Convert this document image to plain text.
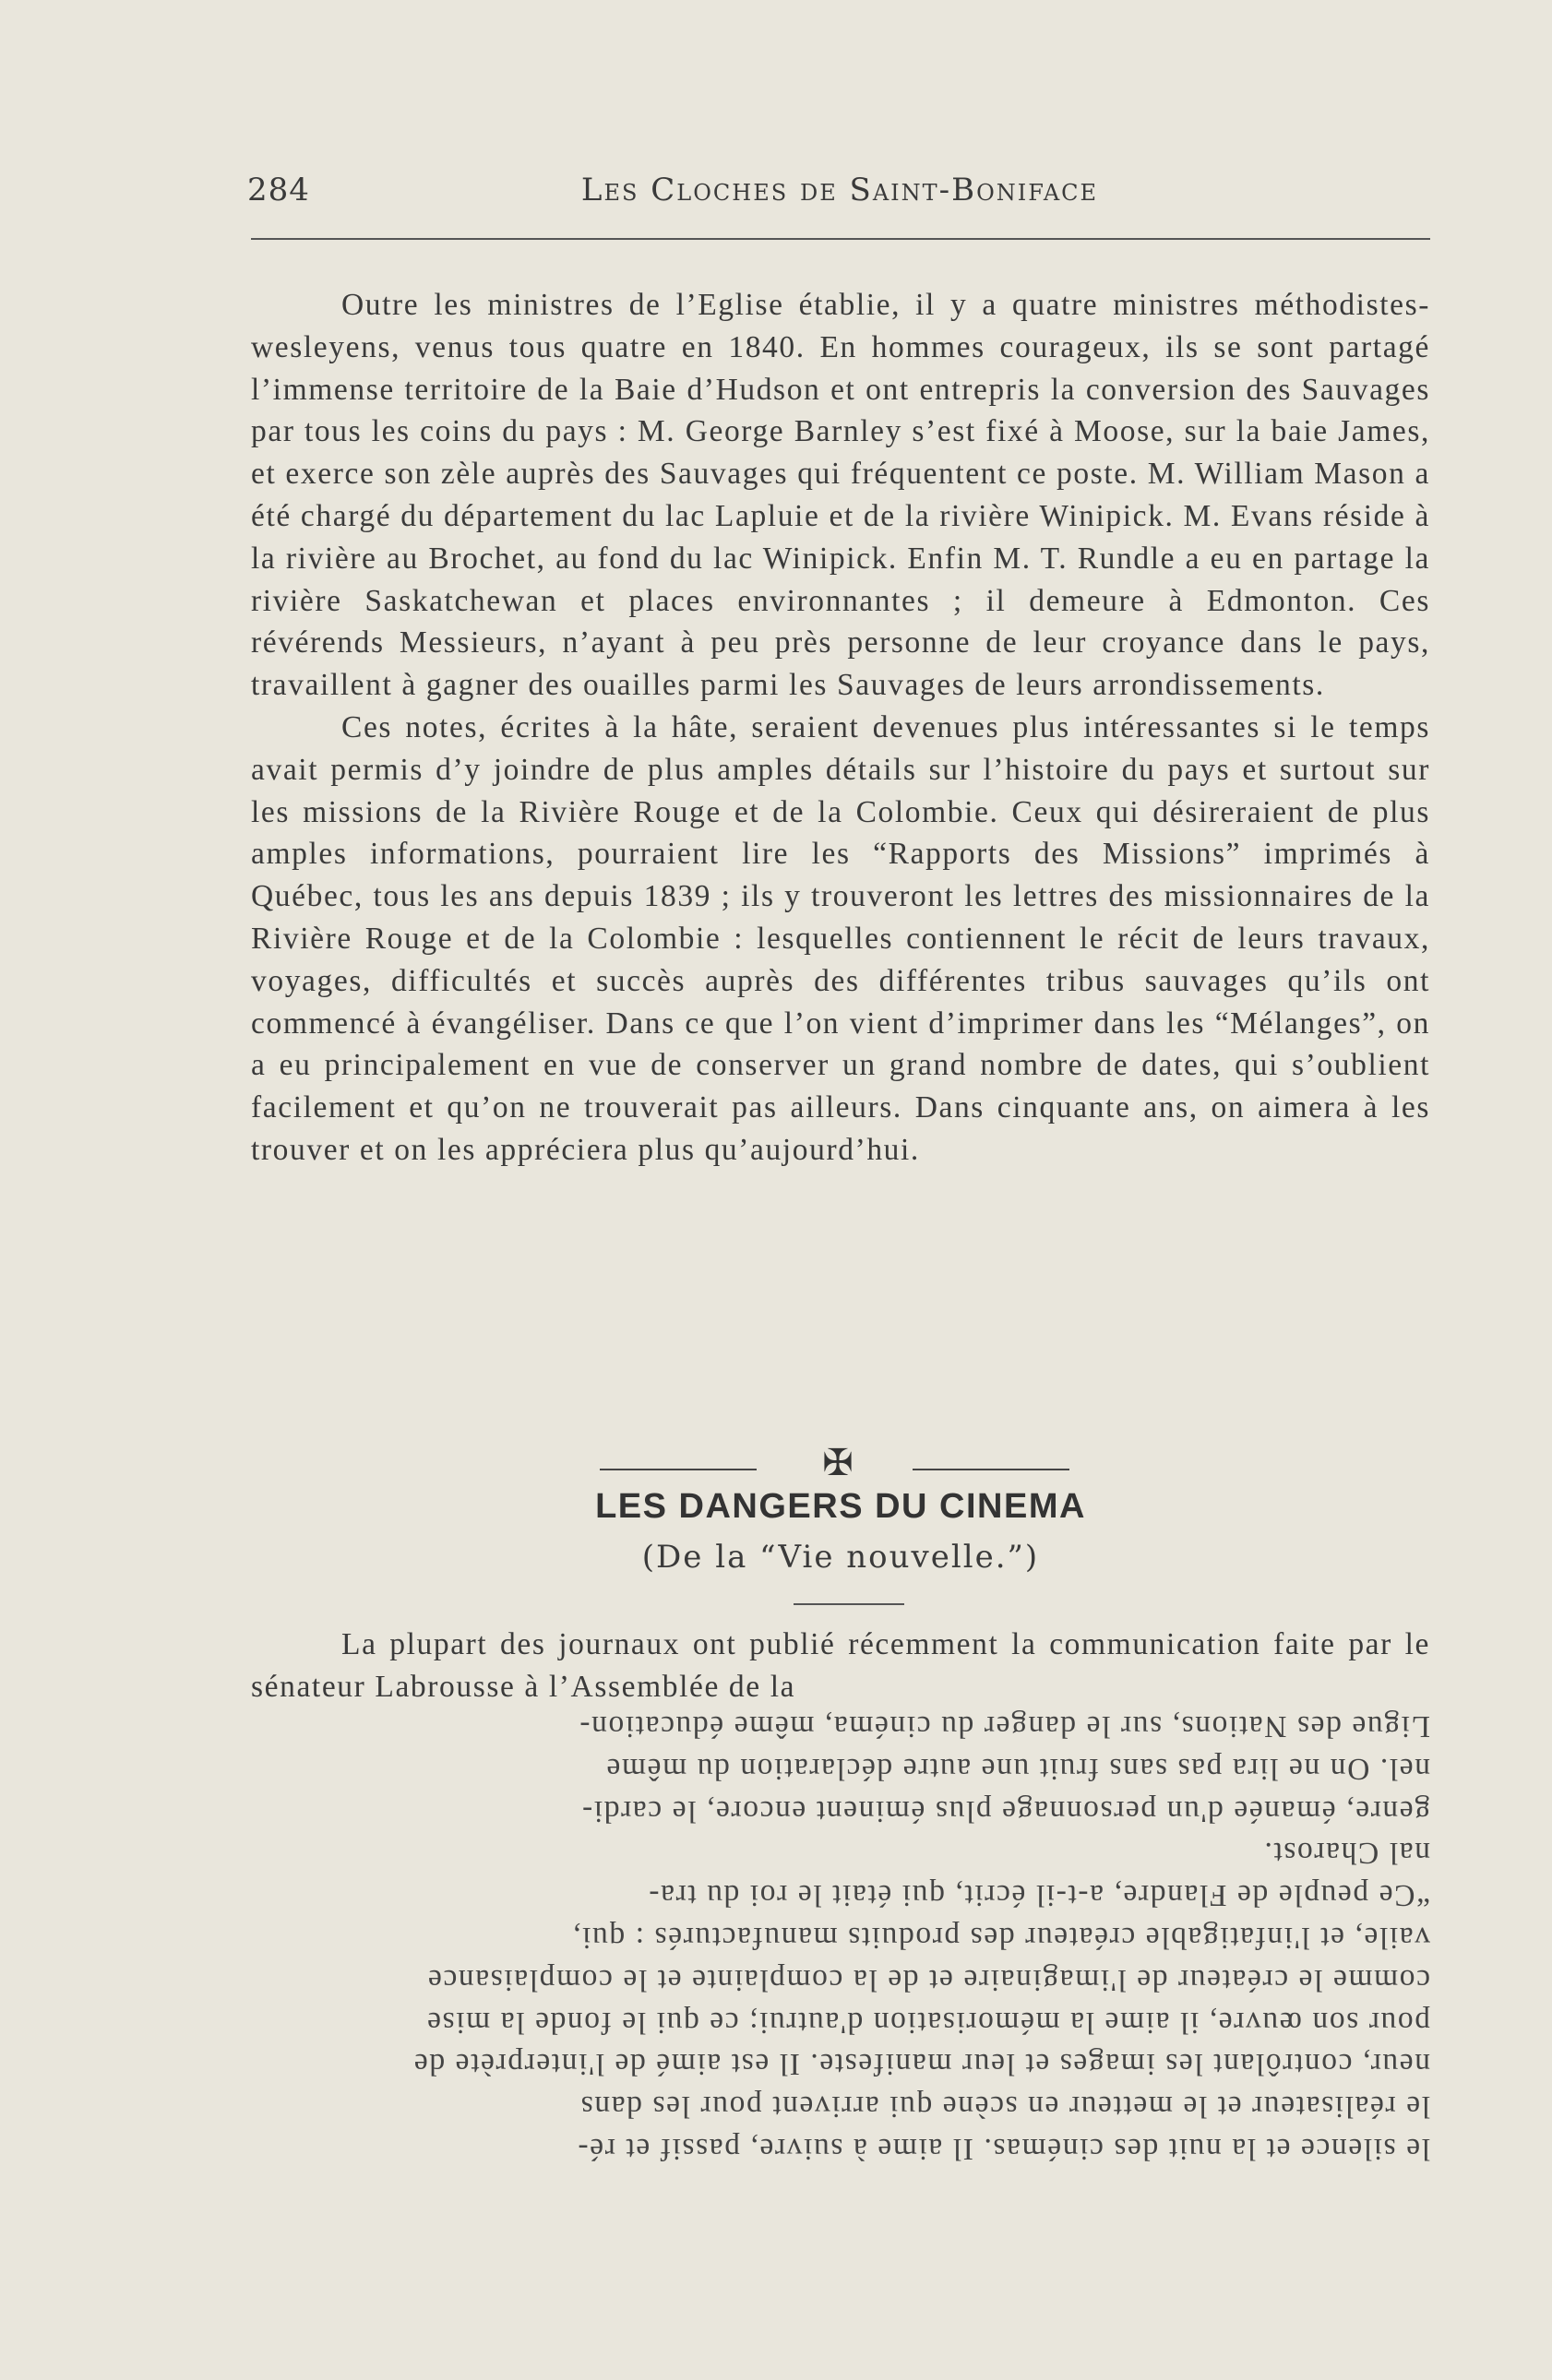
284	Les Cloches de Saint-Boniface

Outre les ministres de l’Eglise établie, il y a quatre ministres méthodistes-wesleyens, venus tous quatre en 1840. En hommes courageux, ils se sont partagé l’immense territoire de la Baie d’Hudson et ont entrepris la conversion des Sauvages par tous les coins du pays : M. George Barnley s’est fixé à Moose, sur la baie James, et exerce son zèle auprès des Sauvages qui fréquentent ce poste. M. William Mason a été chargé du département du lac Lapluie et de la rivière Winipick. M. Evans réside à la rivière au Brochet, au fond du lac Winipick. Enfin M. T. Rundle a eu en partage la rivière Saskatchewan et places environnantes ; il demeure à Edmonton. Ces révérends Messieurs, n’ayant à peu près personne de leur croyance dans le pays, travaillent à gagner des ouailles parmi les Sauvages de leurs arrondissements.

Ces notes, écrites à la hâte, seraient devenues plus intéressantes si le temps avait permis d’y joindre de plus amples détails sur l’histoire du pays et surtout sur les missions de la Rivière Rouge et de la Colombie. Ceux qui désireraient de plus amples informations, pourraient lire les “Rapports des Missions” imprimés à Québec, tous les ans depuis 1839 ; ils y trouveront les lettres des missionnaires de la Rivière Rouge et de la Colombie : lesquelles contiennent le récit de leurs travaux, voyages, difficultés et succès auprès des différentes tribus sauvages qu’ils ont commencé à évangéliser. Dans ce que l’on vient d’imprimer dans les “Mélanges”, on a eu principalement en vue de conserver un grand nombre de dates, qui s’oublient facilement et qu’on ne trouverait pas ailleurs. Dans cinquante ans, on aimera à les trouver et on les appréciera plus qu’aujourd’hui.

✠
LES DANGERS DU CINEMA
(De la “Vie nouvelle.”)

La plupart des journaux ont publié récemment la communication faite par le sénateur Labrousse à l’Assemblée de la

le silence et la nuit des cinémas. Il aime à suivre, passif et ré-
le réalisateur et le metteur en scène qui arrivent pour les dans
neur, contrôlant les images et leur manifeste. Il est aimé de l'interprète de
pour son œuvre, il aime la mémorisation d'autrui; ce qui le fonde la mise
comme le créateur de l'imaginaire et de la complainte et le complaisance
vaile, et l'infatigable créateur des produits manufacturés : qui,
“Ce peuple de Flandre, a-t-il écrit, qui était le roi du tra-
nal Charost.
genre, émanée d'un personnage plus éminent encore, le cardi-
nel. On ne lira pas sans fruit une autre déclaration du même
Ligue des Nations, sur le danger du cinéma, même éducation-
